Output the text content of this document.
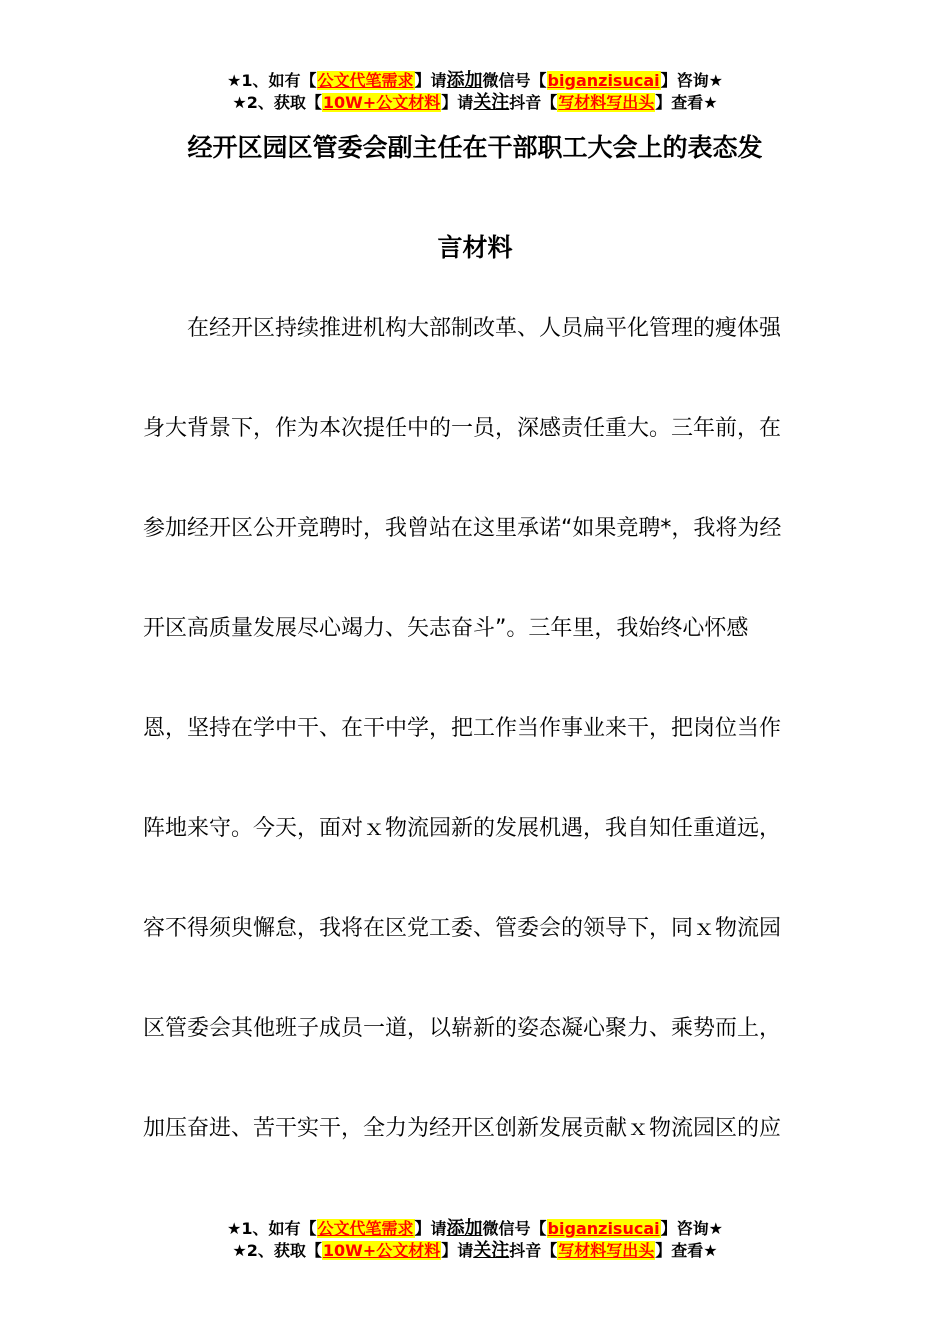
★1、如有【公文代笔需求】请添加微信号【biganzisucai】咨询★
★2、获取【10W+公文材料】请关注抖音【写材料写出头】查看★
经开区园区管委会副主任在干部职工大会上的表态发
言材料
在经开区持续推进机构大部制改革、人员扁平化管理的瘦体强
身大背景下，作为本次提任中的一员，深感责任重大。三年前，在
参加经开区公开竞聘时，我曾站在这里承诺“如果竞聘*，我将为经
开区高质量发展尽心竭力、矢志奋斗”。三年里，我始终心怀感
恩，坚持在学中干、在干中学，把工作当作事业来干，把岗位当作
阵地来守。今天，面对ｘ物流园新的发展机遇，我自知任重道远，
容不得须臾懈怠，我将在区党工委、管委会的领导下，同ｘ物流园
区管委会其他班子成员一道，以崭新的姿态凝心聚力、乘势而上，
加压奋进、苦干实干，全力为经开区创新发展贡献ｘ物流园区的应
★1、如有【公文代笔需求】请添加微信号【biganzisucai】咨询★
★2、获取【10W+公文材料】请关注抖音【写材料写出头】查看★
